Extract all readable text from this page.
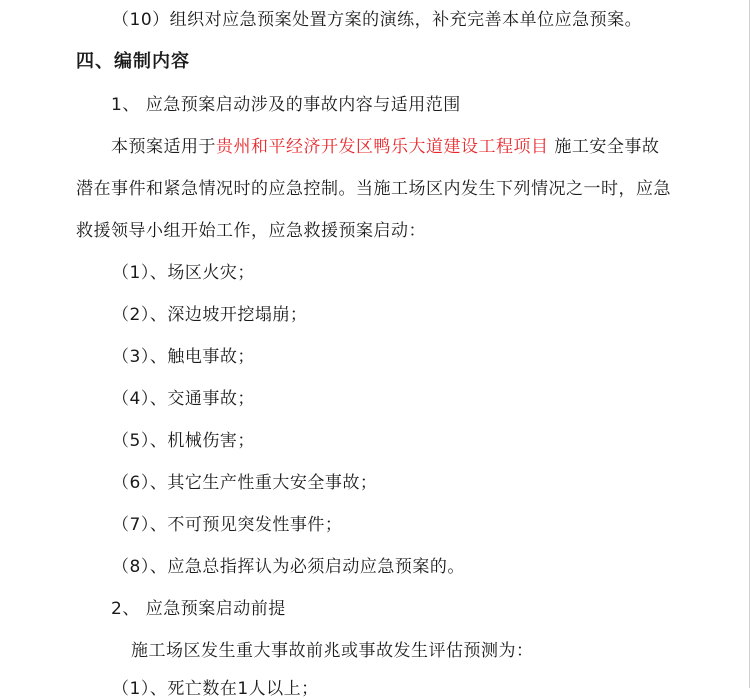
（10）组织对应急预案处置方案的演练，补充完善本单位应急预案。
四、编制内容
1、 应急预案启动涉及的事故内容与适用范围
本预案适用于贵州和平经济开发区鸭乐大道建设工程项目 施工安全事故
潜在事件和紧急情况时的应急控制。当施工场区内发生下列情况之一时，应急
救援领导小组开始工作，应急救援预案启动：
（1）、场区火灾；
（2）、深边坡开挖塌崩；
（3）、触电事故；
（4）、交通事故；
（5）、机械伤害；
（6）、其它生产性重大安全事故；
（7）、不可预见突发性事件；
（8）、应急总指挥认为必须启动应急预案的。
2、 应急预案启动前提
施工场区发生重大事故前兆或事故发生评估预测为：
（1）、死亡数在1人以上；
